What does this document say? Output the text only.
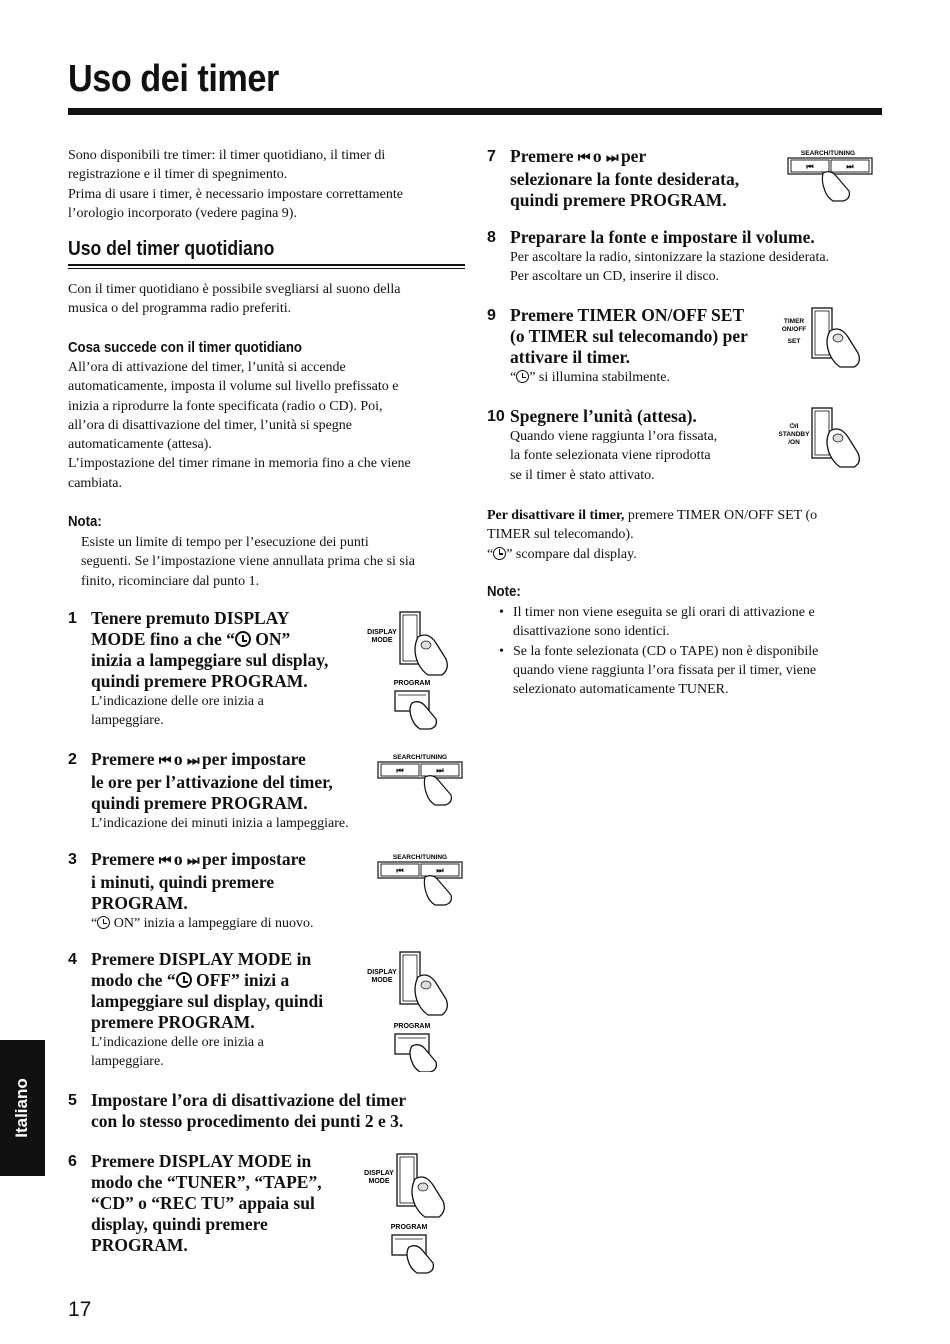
Uso dei timer

Sono disponibili tre timer: il timer quotidiano, il timer di

registrazione e il timer di spegnimento.

Prima di usare i timer, è necessario impostare correttamente

l’orologio incorporato (vedere pagina 9).

Uso del timer quotidiano

Con il timer quotidiano è possibile svegliarsi al suono della

musica o del programma radio preferiti.

Cosa succede con il timer quotidiano

All’ora di attivazione del timer, l’unità si accende

automaticamente, imposta il volume sul livello prefissato e

inizia a riprodurre la fonte specificata (radio o CD). Poi,

all’ora di disattivazione del timer, l’unità si spegne

automaticamente (attesa).

L’impostazione del timer rimane in memoria fino a che viene

cambiata.

Nota:

Esiste un limite di tempo per l’esecuzione dei punti

seguenti. Se l’impostazione viene annullata prima che si sia

finito, ricominciare dal punto 1.

1 Tenere premuto DISPLAY

MODE fino a che “ ON”

inizia a lampeggiare sul display,

quindi premere PROGRAM.

L’indicazione delle ore inizia a

lampeggiare.

2 Premere ⏮ o ⏭ per impostare

le ore per l’attivazione del timer,

quindi premere PROGRAM.

L’indicazione dei minuti inizia a lampeggiare.

3 Premere ⏮ o ⏭ per impostare

i minuti, quindi premere

PROGRAM.

“ ON” inizia a lampeggiare di nuovo.

4 Premere DISPLAY MODE in

modo che “ OFF” inizi a

lampeggiare sul display, quindi

premere PROGRAM.

L’indicazione delle ore inizia a

lampeggiare.

5 Impostare l’ora di disattivazione del timer

con lo stesso procedimento dei punti 2 e 3.

6 Premere DISPLAY MODE in

modo che “TUNER”, “TAPE”,

“CD” o “REC TU” appaia sul

display, quindi premere

PROGRAM.

7 Premere ⏮ o ⏭ per

selezionare la fonte desiderata,

quindi premere PROGRAM.

8 Preparare la fonte e impostare il volume.

Per ascoltare la radio, sintonizzare la stazione desiderata.

Per ascoltare un CD, inserire il disco.

9 Premere TIMER ON/OFF SET

(o TIMER sul telecomando) per

attivare il timer.

“ ” si illumina stabilmente.

10 Spegnere l’unità (attesa).

Quando viene raggiunta l’ora fissata,

la fonte selezionata viene riprodotta

se il timer è stato attivato.

Per disattivare il timer, premere TIMER ON/OFF SET (o

TIMER sul telecomando).

“ ” scompare dal display.

Note:

• Il timer non viene eseguita se gli orari di attivazione e
disattivazione sono identici.
• Se la fonte selezionata (CD o TAPE) non è disponibile
quando viene raggiunta l’ora fissata per il timer, viene
selezionato automaticamente TUNER.
DISPLAY
MODE
PROGRAM
SEARCH/TUNING
⏮	⏭
SEARCH/TUNING
⏮	⏭
DISPLAY
MODE
PROGRAM
DISPLAY
MODE
PROGRAM
SEARCH/TUNING
⏮	⏭
TIMER
ON/OFF
SET
⏻/I
STANDBY
/ON
Italiano
17
